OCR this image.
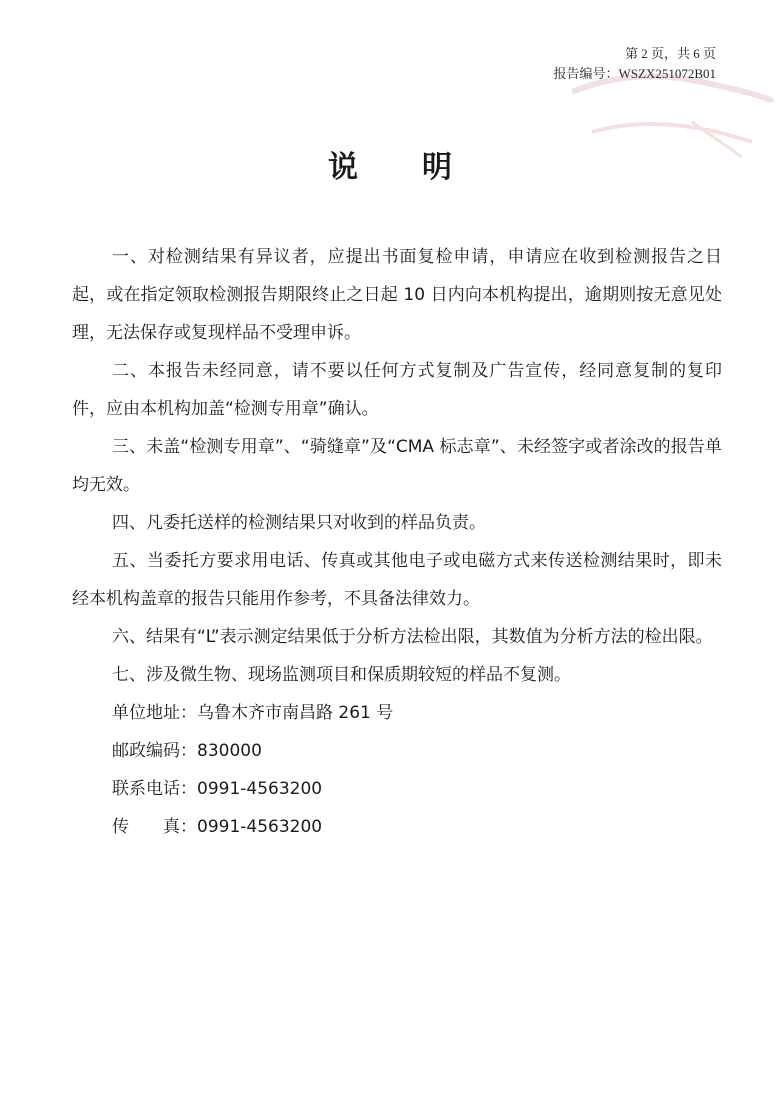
第 2 页，共 6 页
报告编号：WSZX251072B01
说 明

一、对检测结果有异议者，应提出书面复检申请，申请应在收到检测报告之日起，或在指定领取检测报告期限终止之日起 10 日内向本机构提出，逾期则按无意见处理，无法保存或复现样品不受理申诉。

二、本报告未经同意，请不要以任何方式复制及广告宣传，经同意复制的复印件，应由本机构加盖“检测专用章”确认。

三、未盖“检测专用章”、“骑缝章”及“CMA 标志章”、未经签字或者涂改的报告单均无效。

四、凡委托送样的检测结果只对收到的样品负责。

五、当委托方要求用电话、传真或其他电子或电磁方式来传送检测结果时，即未经本机构盖章的报告只能用作参考，不具备法律效力。

六、结果有“L”表示测定结果低于分析方法检出限，其数值为分析方法的检出限。

七、涉及微生物、现场监测项目和保质期较短的样品不复测。

单位地址：乌鲁木齐市南昌路 261 号

邮政编码：830000

联系电话：0991-4563200

传　　真：0991-4563200
